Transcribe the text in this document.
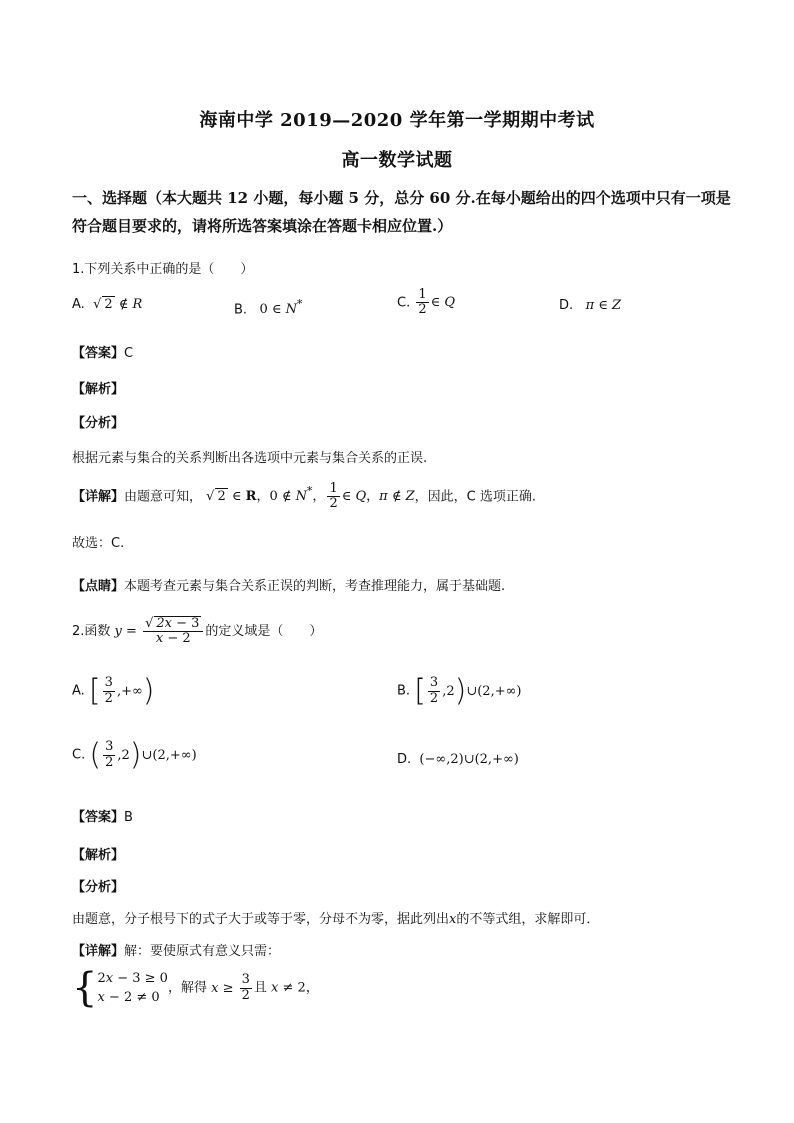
海南中学 2019—2020 学年第一学期期中考试
高一数学试题
一、选择题（本大题共 12 小题，每小题 5 分，总分 60 分.在每小题给出的四个选项中只有一项是符合题目要求的，请将所选答案填涂在答题卡相应位置.）
1.下列关系中正确的是（　　）
A.  √ 2 ∉ R	B.   0 ∈ N*	C. $\frac{1}{2}$ ∈ Q	D. π ∈ Z
【答案】C
【解析】
【分析】
根据元素与集合的关系判断出各选项中元素与集合关系的正误.
【详解】由题意可知， √ 2 ∈ R，0 ∉ N*， $\frac{1}{2}$ ∈ Q，π ∉ Z，因此，C 选项正确.
故选：C.
【点睛】本题考查元素与集合关系正误的判断，考查推理能力，属于基础题.
2.函数 $y = \frac{√ 2x - 3}{x - 2}$ 的定义域是（　　）
A. [ $\frac{3}{2}$ ,+∞)	B. [ $\frac{3}{2}$ ,2)∪(2,+∞)
C. ( $\frac{3}{2}$ ,2)∪(2,+∞)	D.  (−∞,2)∪(2,+∞)
【答案】B
【解析】
【分析】
由题意，分子根号下的式子大于或等于零，分母不为零，据此列出x的不等式组，求解即可．
【详解】解：要使原式有意义只需：
{ 2x − 3 ≥ 0
x − 2 ≠ 0
，解得 $x \ge \frac{3}{2}$ 且 x ≠ 2，
